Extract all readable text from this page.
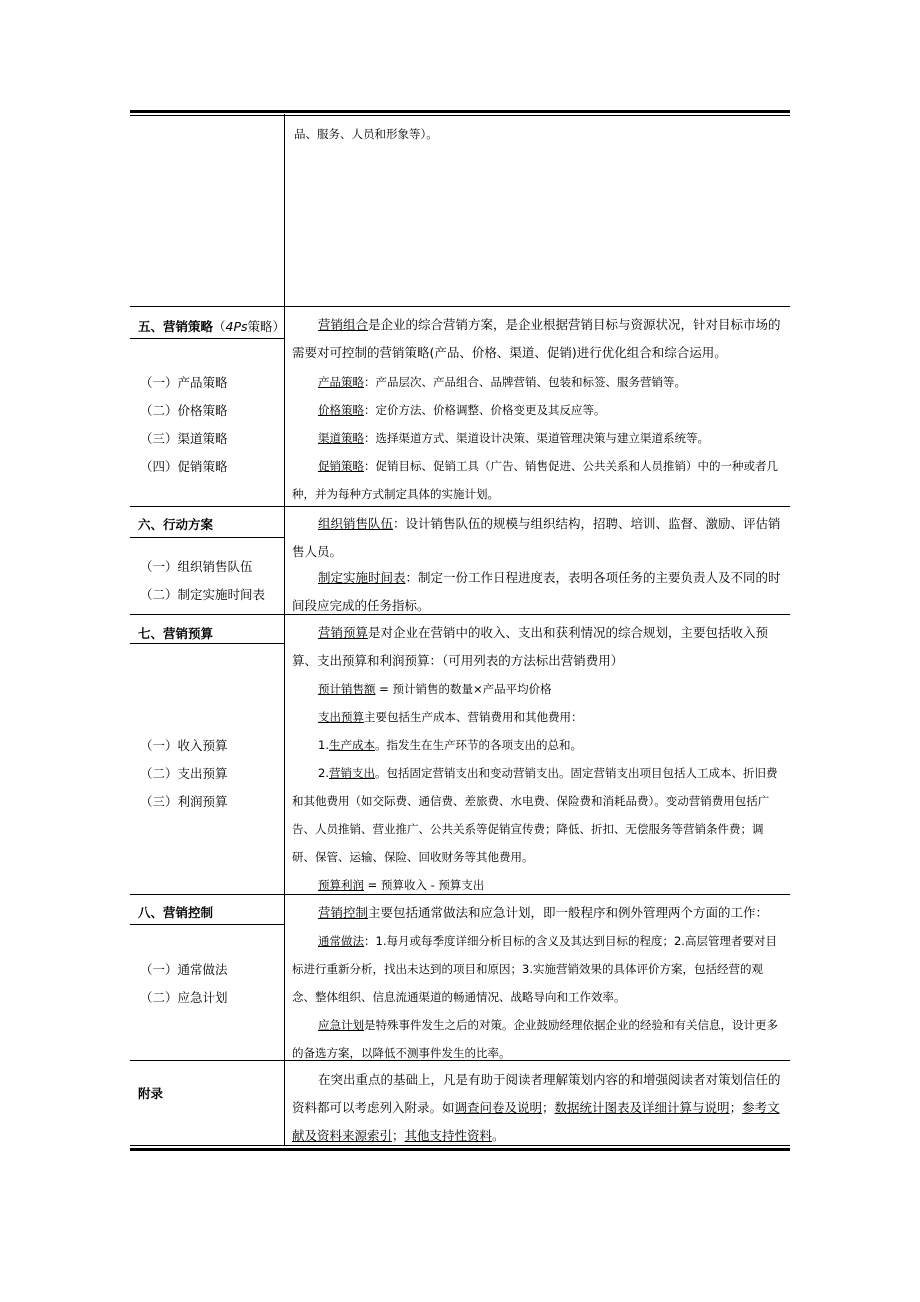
品、服务、人员和形象等）。
五、营销策略（4Ps策略）
（一）产品策略
（二）价格策略
（三）渠道策略
（四）促销策略
营销组合是企业的综合营销方案，是企业根据营销目标与资源状况，针对目标市场的需要对可控制的营销策略(产品、价格、渠道、促销)进行优化组合和综合运用。
产品策略：产品层次、产品组合、品牌营销、包装和标签、服务营销等。
价格策略：定价方法、价格调整、价格变更及其反应等。
渠道策略：选择渠道方式、渠道设计决策、渠道管理决策与建立渠道系统等。
促销策略：促销目标、促销工具（广告、销售促进、公共关系和人员推销）中的一种或者几种，并为每种方式制定具体的实施计划。
六、行动方案
（一）组织销售队伍
（二）制定实施时间表
组织销售队伍：设计销售队伍的规模与组织结构，招聘、培训、监督、激励、评估销售人员。
制定实施时间表：制定一份工作日程进度表，表明各项任务的主要负责人及不同的时间段应完成的任务指标。
七、营销预算
（一）收入预算
（二）支出预算
（三）利润预算
营销预算是对企业在营销中的收入、支出和获利情况的综合规划，主要包括收入预算、支出预算和利润预算：（可用列表的方法标出营销费用）
预计销售额 = 预计销售的数量×产品平均价格
支出预算主要包括生产成本、营销费用和其他费用：
1.生产成本。指发生在生产环节的各项支出的总和。
2.营销支出。包括固定营销支出和变动营销支出。固定营销支出项目包括人工成本、折旧费和其他费用（如交际费、通信费、差旅费、水电费、保险费和消耗品费）。变动营销费用包括广告、人员推销、营业推广、公共关系等促销宣传费；降低、折扣、无偿服务等营销条件费；调研、保管、运输、保险、回收财务等其他费用。
预算利润 = 预算收入 - 预算支出
八、营销控制
（一）通常做法
（二）应急计划
营销控制主要包括通常做法和应急计划，即一般程序和例外管理两个方面的工作：
通常做法：1.每月或每季度详细分析目标的含义及其达到目标的程度；2.高层管理者要对目标进行重新分析，找出未达到的项目和原因；3.实施营销效果的具体评价方案，包括经营的观念、整体组织、信息流通渠道的畅通情况、战略导向和工作效率。
应急计划是特殊事件发生之后的对策。企业鼓励经理依据企业的经验和有关信息，设计更多的备选方案，以降低不测事件发生的比率。
附录
在突出重点的基础上，凡是有助于阅读者理解策划内容的和增强阅读者对策划信任的资料都可以考虑列入附录。如调查问卷及说明；数据统计图表及详细计算与说明；参考文献及资料来源索引；其他支持性资料。
